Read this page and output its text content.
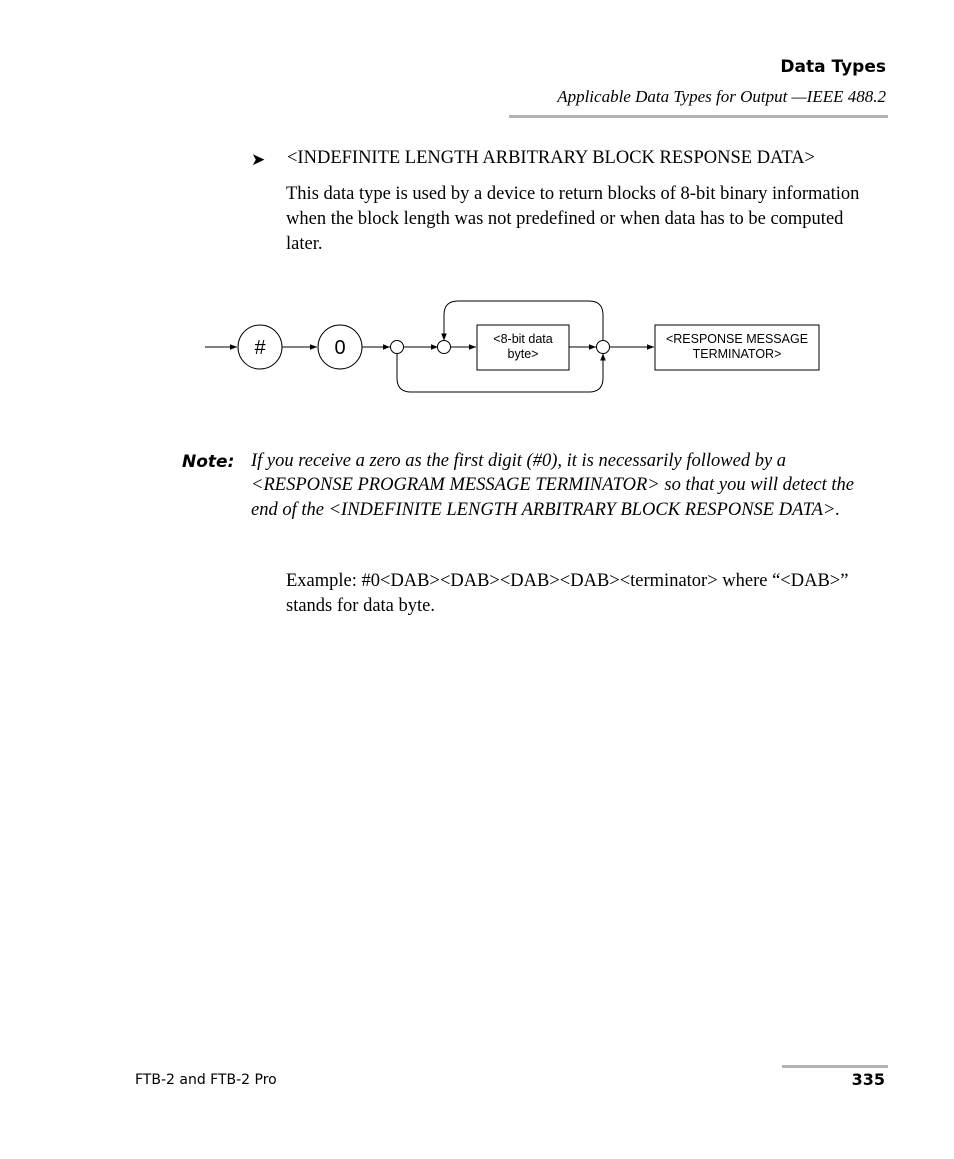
Data Types
Applicable Data Types for Output —IEEE 488.2
➤ <INDEFINITE LENGTH ARBITRARY BLOCK RESPONSE DATA>
This data type is used by a device to return blocks of 8-bit binary information when the block length was not predefined or when data has to be computed later.
#	0	<8-bit data
byte>
<RESPONSE MESSAGE
TERMINATOR>
Note: If you receive a zero as the first digit (#0), it is necessarily followed by a <RESPONSE PROGRAM MESSAGE TERMINATOR> so that you will detect the end of the <INDEFINITE LENGTH ARBITRARY BLOCK RESPONSE DATA>.
Example: #0<DAB><DAB><DAB><DAB><terminator> where “<DAB>” stands for data byte.
FTB-2 and FTB-2 Pro	335
